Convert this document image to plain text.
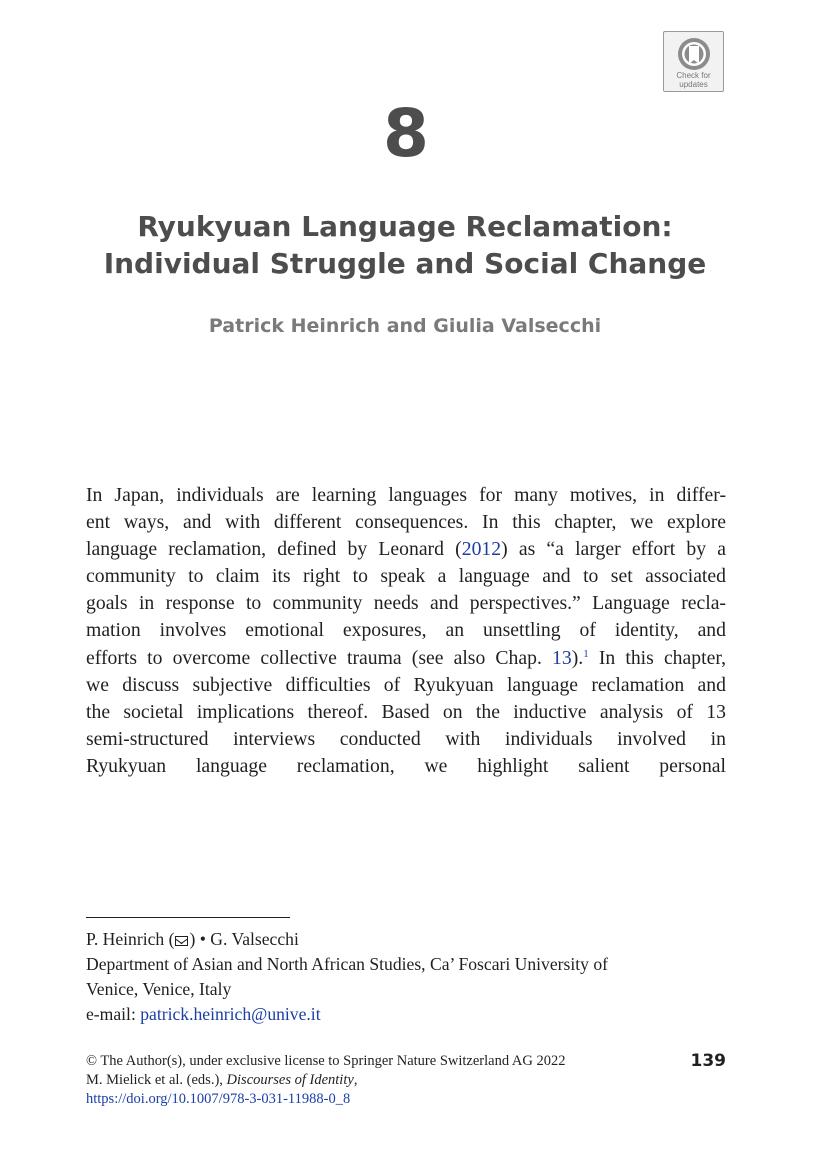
Check for
updates
8
Ryukyuan Language Reclamation:
Individual Struggle and Social Change
Patrick Heinrich and Giulia Valsecchi
In Japan, individuals are learning languages for many motives, in differ-
ent ways, and with different consequences. In this chapter, we explore
language reclamation, defined by Leonard (2012) as “a larger effort by a
community to claim its right to speak a language and to set associated
goals in response to community needs and perspectives.” Language recla-
mation involves emotional exposures, an unsettling of identity, and
efforts to overcome collective trauma (see also Chap. 13).$^1$ In this chapter,
we discuss subjective difficulties of Ryukyuan language reclamation and
the societal implications thereof. Based on the inductive analysis of 13
semi-structured interviews conducted with individuals involved in
Ryukyuan language reclamation, we highlight salient personal
P. Heinrich ( ) • G. Valsecchi
Department of Asian and North African Studies, Ca’ Foscari University of
Venice, Venice, Italy
e-mail: patrick.heinrich@unive.it
© The Author(s), under exclusive license to Springer Nature Switzerland AG 2022
M. Mielick et al. (eds.), Discourses of Identity,
https://doi.org/10.1007/978-3-031-11988-0_8
139
